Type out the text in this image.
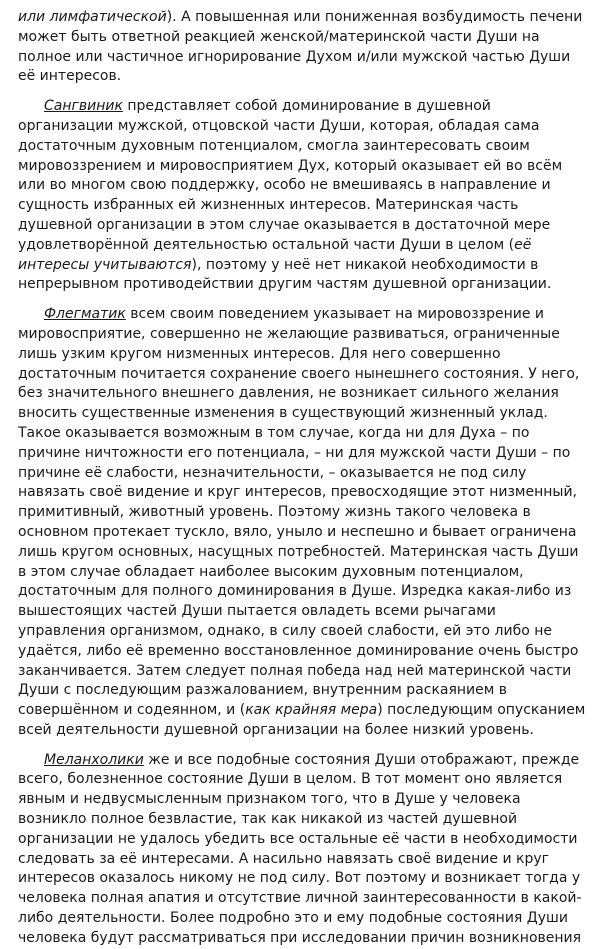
или лимфатической). А повышенная или пониженная возбудимость печени может быть ответной реакцией женской/материнской части Души на полное или частичное игнорирование Духом и/или мужской частью Души её интересов.

Сангвиник представляет собой доминирование в душевной организации мужской, отцовской части Души, которая, обладая сама достаточным духовным потенциалом, смогла заинтересовать своим мировоззрением и мировосприятием Дух, который оказывает ей во всём или во многом свою поддержку, особо не вмешиваясь в направление и сущность избранных ей жизненных интересов. Материнская часть душевной организации в этом случае оказывается в достаточной мере удовлетворённой деятельностью остальной части Души в целом (её интересы учитываются), поэтому у неё нет никакой необходимости в непрерывном противодействии другим частям душевной организации.

Флегматик всем своим поведением указывает на мировоззрение и мировосприятие, совершенно не желающие развиваться, ограниченные лишь узким кругом низменных интересов. Для него совершенно достаточным почитается сохранение своего нынешнего состояния. У него, без значительного внешнего давления, не возникает сильного желания вносить существенные изменения в существующий жизненный уклад. Такое оказывается возможным в том случае, когда ни для Духа – по причине ничтожности его потенциала, – ни для мужской части Души – по причине её слабости, незначительности, – оказывается не под силу навязать своё видение и круг интересов, превосходящие этот низменный, примитивный, животный уровень. Поэтому жизнь такого человека в основном протекает тускло, вяло, уныло и неспешно и бывает ограничена лишь кругом основных, насущных потребностей. Материнская часть Души в этом случае обладает наиболее высоким духовным потенциалом, достаточным для полного доминирования в Душе. Изредка какая-либо из вышестоящих частей Души пытается овладеть всеми рычагами управления организмом, однако, в силу своей слабости, ей это либо не удаётся, либо её временно восстановленное доминирование очень быстро заканчивается. Затем следует полная победа над ней материнской части Души с последующим разжалованием, внутренним раскаянием в совершённом и содеянном, и (как крайняя мера) последующим опусканием всей деятельности душевной организации на более низкий уровень.

Меланхолики же и все подобные состояния Души отображают, прежде всего, болезненное состояние Души в целом. В тот момент оно является явным и недвусмысленным признаком того, что в Душе у человека возникло полное безвластие, так как никакой из частей душевной организации не удалось убедить все остальные её части в необходимости следовать за её интересами. А насильно навязать своё видение и круг интересов оказалось никому не под силу. Вот поэтому и возникает тогда у человека полная апатия и отсутствие личной заинтересованности в какой-либо деятельности. Более подробно это и ему подобные состояния Души человека будут рассматриваться при исследовании причин возникновения
